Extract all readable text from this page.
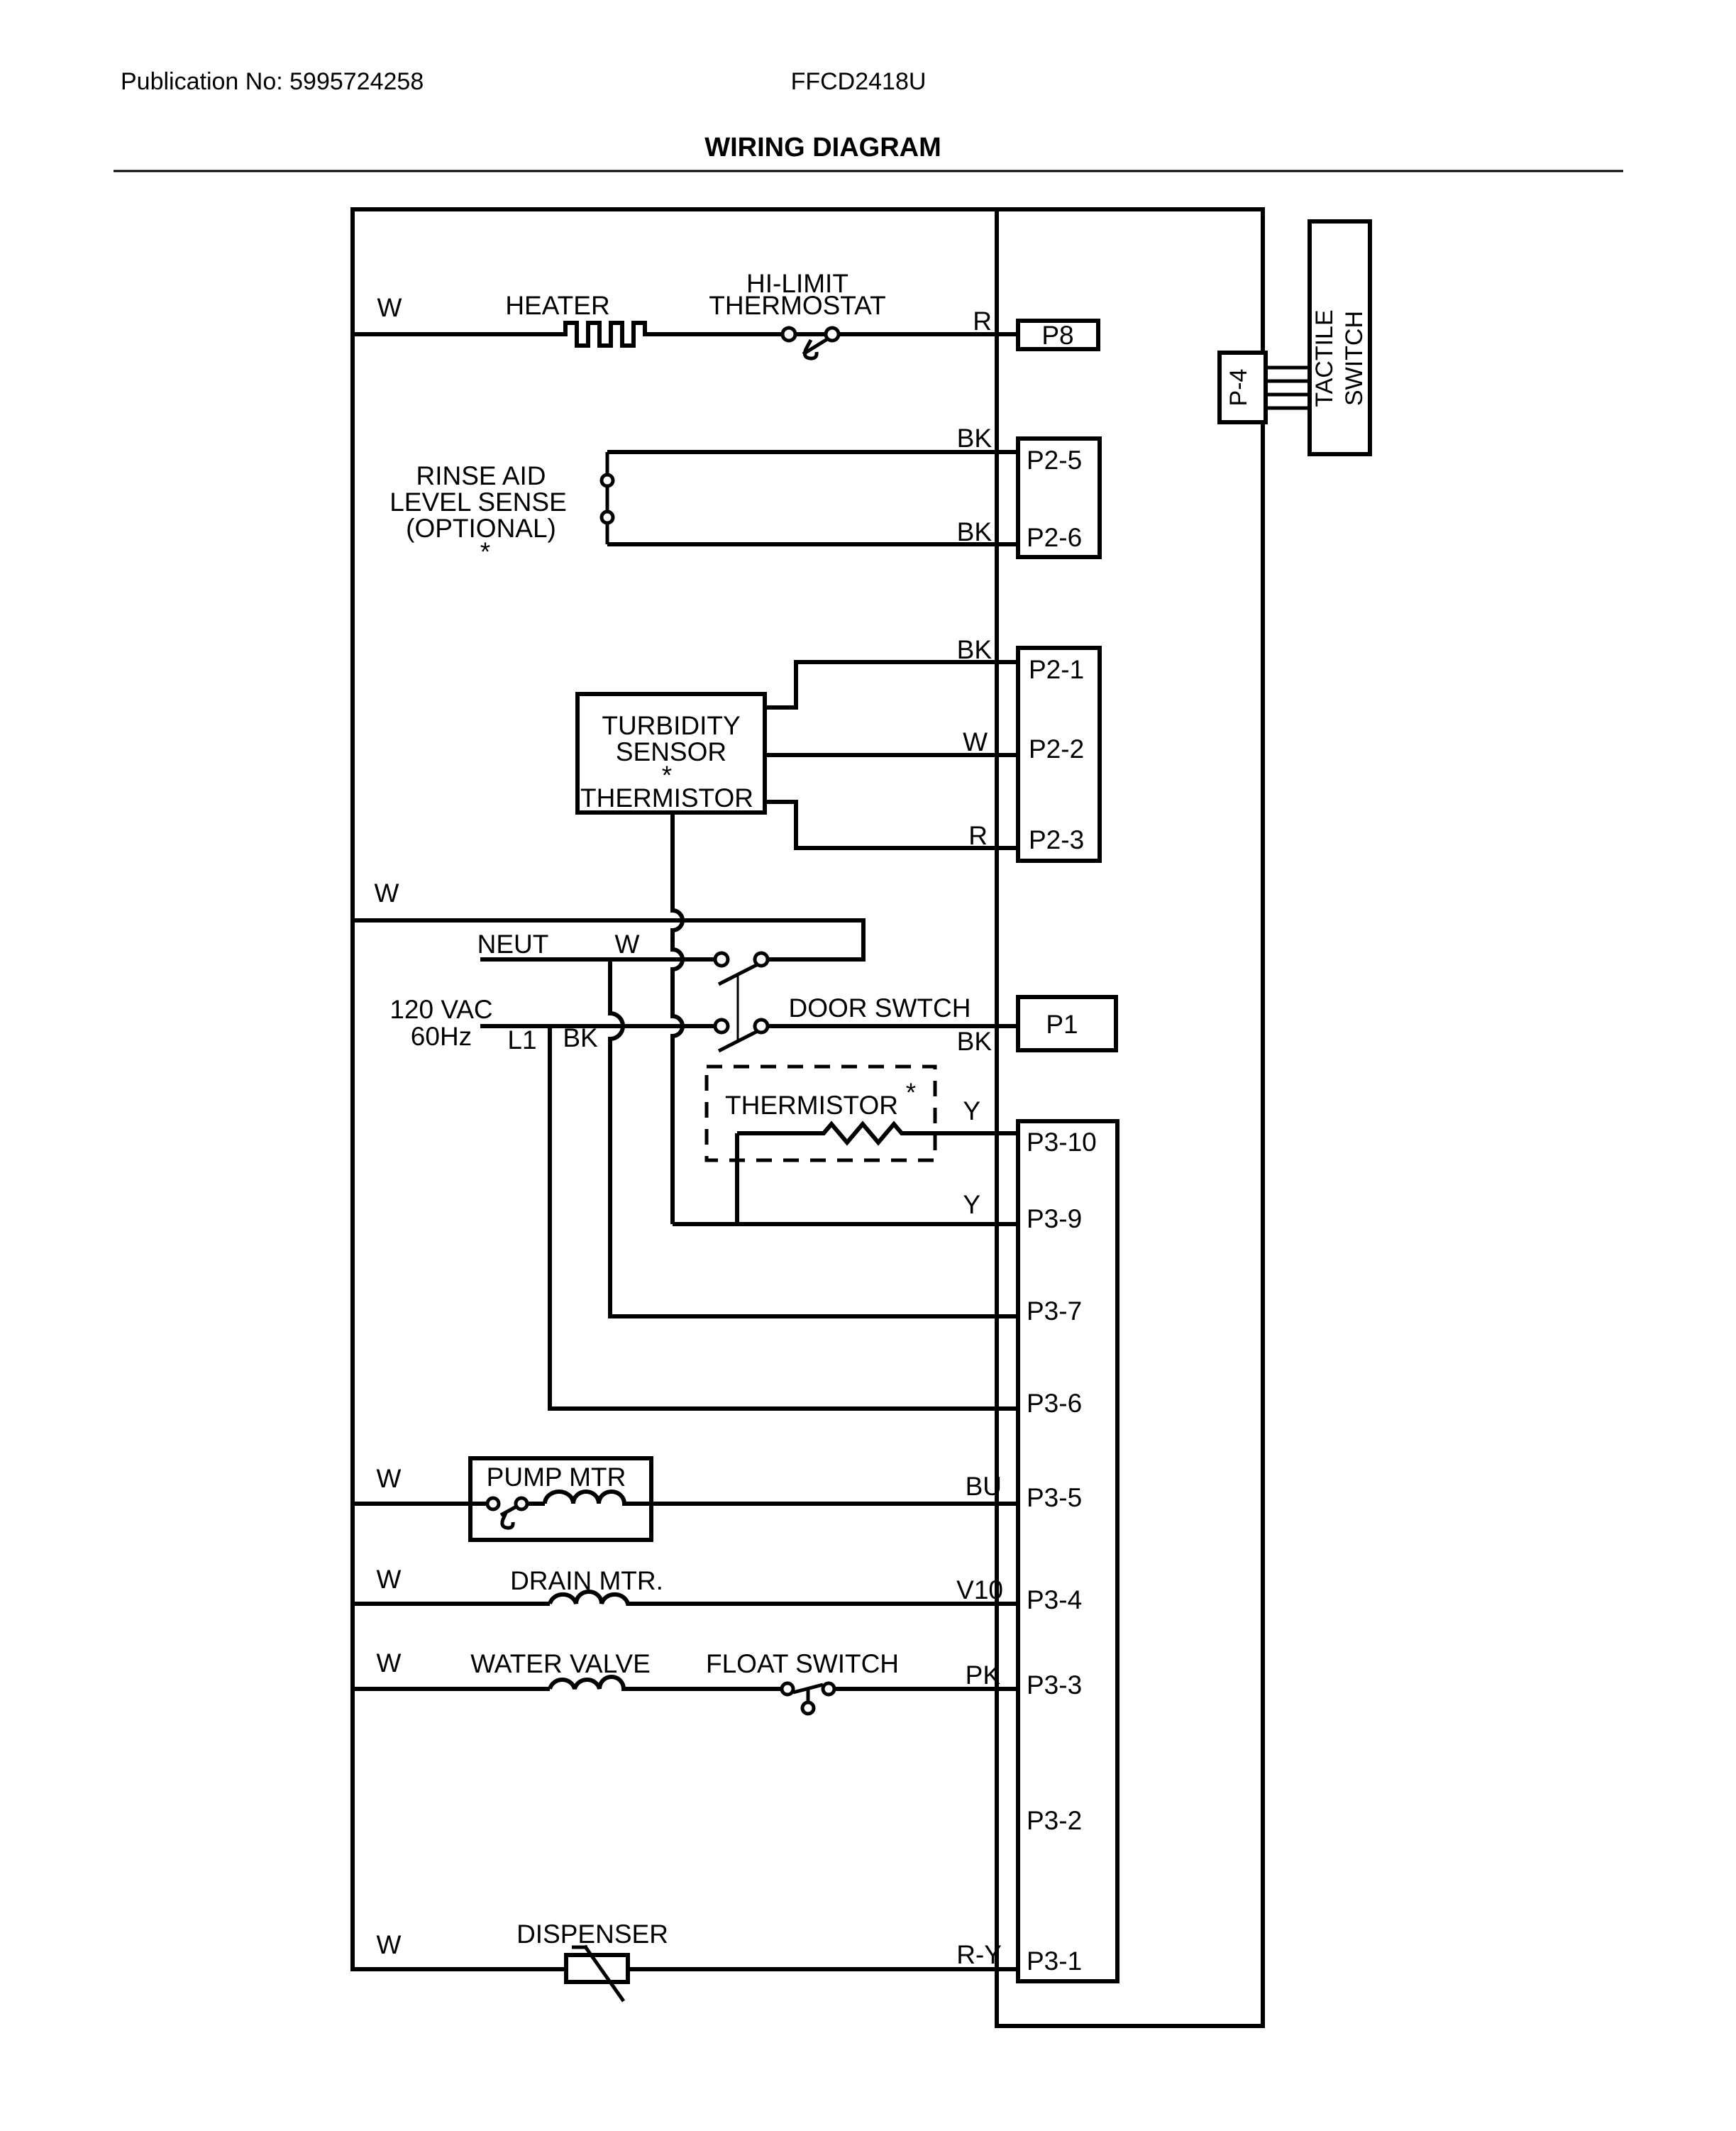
Publication No: 5995724258	FFCD2418U
WIRING DIAGRAM
W	HEATER
HI-LIMIT
THERMOSTAT
R
RINSE AID
LEVEL SENSE
(OPTIONAL)
*
BK
BK
TURBIDITY
SENSOR
*
THERMISTOR
BK
W
R
W
NEUT	W
120 VAC
60Hz L1 BK
DOOR SWTCH
BK
THERMISTOR *
Y
Y
W	PUMP MTR	BU
W	DRAIN MTR.	V10
W	WATER VALVE FLOAT SWITCH	PK
W	DISPENSER
R-Y
P8
P2-5
P2-6
P2-1
P2-2
P2-3
P1
P3-10
P3-9
P3-7
P3-6
P3-5
P3-4
P3-3
P3-2
P3-1
P-4 TACTILE SWITCH
